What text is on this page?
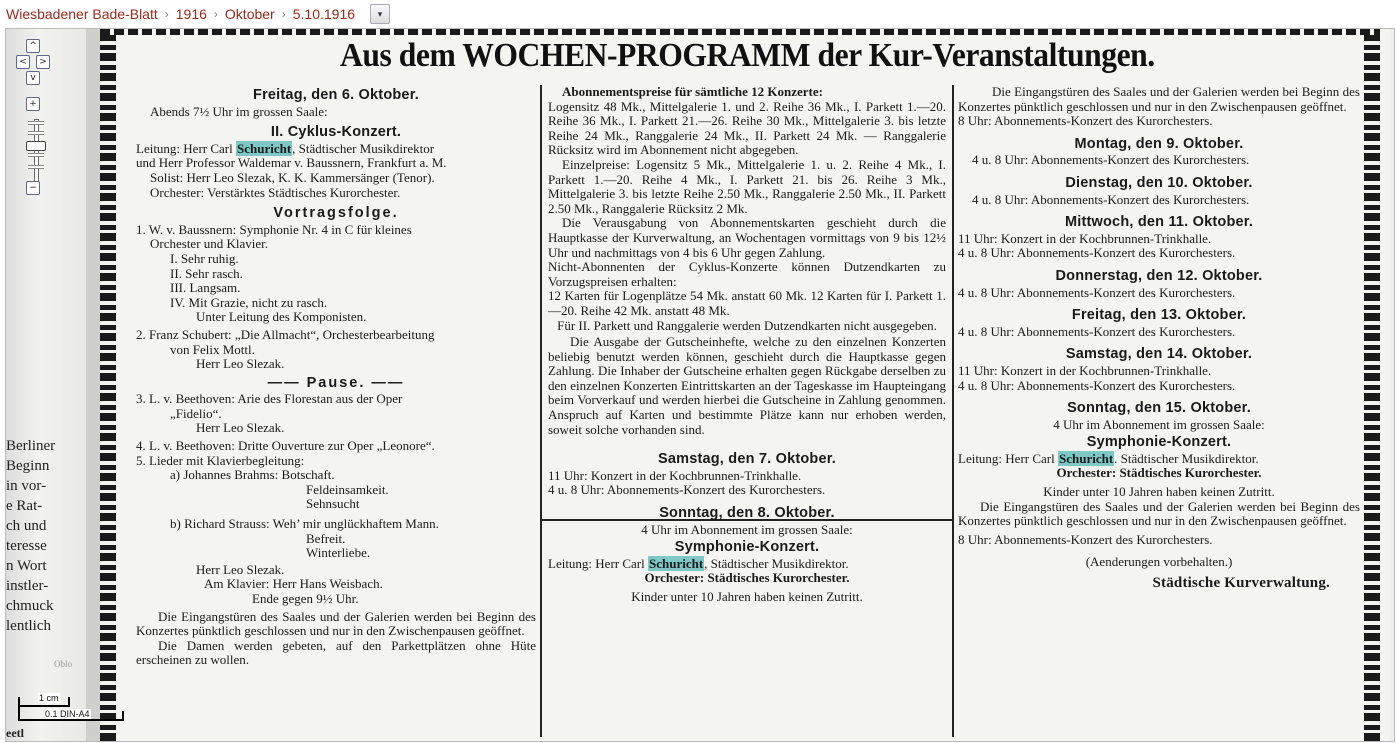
Wiesbadener Bade-Blatt › 1916 › Oktober › 5.10.1916	▾
Berliner
Beginn
in vor-
e Rat-
ch und
teresse
n Wort
instler-
chmuck
lentlich
Oblo
eetl
Aus dem WOCHEN-PROGRAMM der Kur-Veranstaltungen.
Freitag, den 6. Oktober.
Abends 7½ Uhr im grossen Saale:
II. Cyklus-Konzert.
Leitung: Herr Carl Schuricht, Städtischer Musikdirektor
und Herr Professor Waldemar v. Baussnern, Frankfurt a. M.
Solist: Herr Leo Slezak, K. K. Kammersänger (Tenor).
Orchester: Verstärktes Städtisches Kurorchester.
Vortragsfolge.
1. W. v. Baussnern: Symphonie Nr. 4 in C für kleines
Orchester und Klavier.
I. Sehr ruhig.
II. Sehr rasch.
III. Langsam.
IV. Mit Grazie, nicht zu rasch.
Unter Leitung des Komponisten.
2. Franz Schubert: „Die Allmacht“, Orchesterbearbeitung
von Felix Mottl.
Herr Leo Slezak.
—— Pause. ——
3. L. v. Beethoven: Arie des Florestan aus der Oper
„Fidelio“.
Herr Leo Slezak.
4. L. v. Beethoven: Dritte Ouverture zur Oper „Leonore“.
5. Lieder mit Klavierbegleitung:
a) Johannes Brahms: Botschaft.
Feldeinsamkeit.
Sehnsucht
b) Richard Strauss: Weh’ mir unglückhaftem Mann.
Befreit.
Winterliebe.
Herr Leo Slezak.
Am Klavier: Herr Hans Weisbach.
Ende gegen 9½ Uhr.
Die Eingangstüren des Saales und der Galerien werden bei Beginn des Konzertes pünktlich geschlossen und nur in den Zwischenpausen geöffnet.
Die Damen werden gebeten, auf den Parkettplätzen ohne Hüte erscheinen zu wollen.
Abonnementspreise für sämtliche 12 Konzerte:
Logensitz 48 Mk., Mittelgalerie 1. und 2. Reihe 36 Mk., I. Parkett 1.—20. Reihe 36 Mk., I. Parkett 21.—26. Reihe 30 Mk., Mittelgalerie 3. bis letzte Reihe 24 Mk., Ranggalerie 24 Mk., II. Parkett 24 Mk. — Ranggalerie Rücksitz wird im Abonnement nicht abgegeben.
Einzelpreise: Logensitz 5 Mk., Mittelgalerie 1. u. 2. Reihe 4 Mk., I. Parkett 1.—20. Reihe 4 Mk., I. Parkett 21. bis 26. Reihe 3 Mk., Mittelgalerie 3. bis letzte Reihe 2.50 Mk., Ranggalerie 2.50 Mk., II. Parkett 2.50 Mk., Ranggalerie Rücksitz 2 Mk.
Die Verausgabung von Abonnementskarten geschieht durch die Hauptkasse der Kurverwaltung, an Wochentagen vormittags von 9 bis 12½ Uhr und nachmittags von 4 bis 6 Uhr gegen Zahlung.
Nicht-Abonnenten der Cyklus-Konzerte können Dutzendkarten zu Vorzugspreisen erhalten:
12 Karten für Logenplätze 54 Mk. anstatt 60 Mk. 12 Karten für I. Parkett 1.—20. Reihe 42 Mk. anstatt 48 Mk.
Für II. Parkett und Ranggalerie werden Dutzendkarten nicht ausgegeben.
Die Ausgabe der Gutscheinhefte, welche zu den einzelnen Konzerten beliebig benutzt werden können, geschieht durch die Hauptkasse gegen Zahlung. Die Inhaber der Gutscheine erhalten gegen Rückgabe derselben zu den einzelnen Konzerten Eintrittskarten an der Tageskasse im Haupteingang beim Vorverkauf und werden hierbei die Gutscheine in Zahlung genommen. Anspruch auf Karten und bestimmte Plätze kann nur erhoben werden, soweit solche vorhanden sind.
Samstag, den 7. Oktober.
11 Uhr: Konzert in der Kochbrunnen-Trinkhalle.
4 u. 8 Uhr: Abonnements-Konzert des Kurorchesters.
Sonntag, den 8. Oktober.
4 Uhr im Abonnement im grossen Saale:
Symphonie-Konzert.
Leitung: Herr Carl Schuricht, Städtischer Musikdirektor.
Orchester: Städtisches Kurorchester.
Kinder unter 10 Jahren haben keinen Zutritt.
Die Eingangstüren des Saales und der Galerien werden bei Beginn des Konzertes pünktlich geschlossen und nur in den Zwischenpausen geöffnet.
8 Uhr: Abonnements-Konzert des Kurorchesters.
Montag, den 9. Oktober.
4 u. 8 Uhr: Abonnements-Konzert des Kurorchesters.
Dienstag, den 10. Oktober.
4 u. 8 Uhr: Abonnements-Konzert des Kurorchesters.
Mittwoch, den 11. Oktober.
11 Uhr: Konzert in der Kochbrunnen-Trinkhalle.
4 u. 8 Uhr: Abonnements-Konzert des Kurorchesters.
Donnerstag, den 12. Oktober.
4 u. 8 Uhr: Abonnements-Konzert des Kurorchesters.
Freitag, den 13. Oktober.
4 u. 8 Uhr: Abonnements-Konzert des Kurorchesters.
Samstag, den 14. Oktober.
11 Uhr: Konzert in der Kochbrunnen-Trinkhalle.
4 u. 8 Uhr: Abonnements-Konzert des Kurorchesters.
Sonntag, den 15. Oktober.
4 Uhr im Abonnement im grossen Saale:
Symphonie-Konzert.
Leitung: Herr Carl Schuricht. Städtischer Musikdirektor.
Orchester: Städtisches Kurorchester.
Kinder unter 10 Jahren haben keinen Zutritt.
Die Eingangstüren des Saales und der Galerien werden bei Beginn des Konzertes pünktlich geschlossen und nur in den Zwischenpausen geöffnet.
8 Uhr: Abonnements-Konzert des Kurorchesters.
(Aenderungen vorbehalten.)
Städtische Kurverwaltung.
^
<	>
v
+
−
1 cm
0.1 DIN-A4
